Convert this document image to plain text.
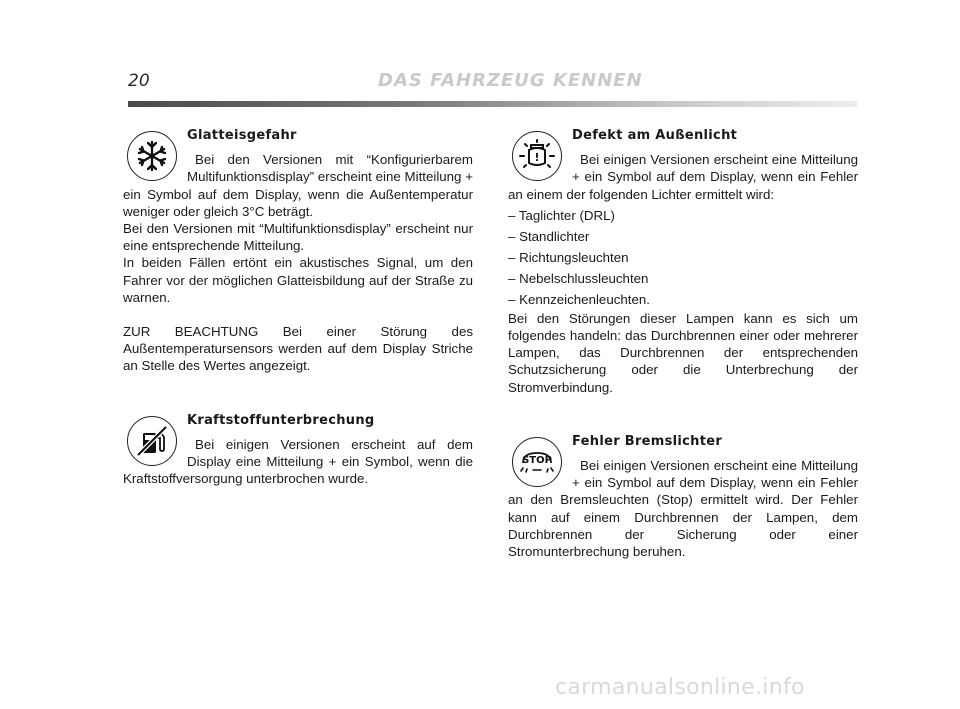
20	DAS FAHRZEUG KENNEN
Glatteisgefahr

Bei den Versionen mit “Konfigurierbarem Multifunktionsdisplay” erscheint eine Mitteilung + ein Symbol auf dem Display, wenn die Außentemperatur weniger oder gleich 3°C beträgt.

Bei den Versionen mit “Multifunktionsdisplay” erscheint nur eine entsprechende Mitteilung.

In beiden Fällen ertönt ein akustisches Signal, um den Fahrer vor der möglichen Glatteisbildung auf der Straße zu warnen.

ZUR BEACHTUNG Bei einer Störung des Außentemperatursensors werden auf dem Display Striche an Stelle des Wertes angezeigt.

Kraftstoffunterbrechung

Bei einigen Versionen erscheint auf dem Display eine Mitteilung + ein Symbol, wenn die Kraftstoffversorgung unterbrochen wurde.

!
Defekt am Außenlicht

Bei einigen Versionen erscheint eine Mitteilung + ein Symbol auf dem Display, wenn ein Fehler an einem der folgenden Lichter ermittelt wird:

– Taglichter (DRL)

– Standlichter

– Richtungsleuchten

– Nebelschlussleuchten

– Kennzeichenleuchten.

Bei den Störungen dieser Lampen kann es sich um folgendes handeln: das Durchbrennen einer oder mehrerer Lampen, das Durchbrennen der entsprechenden Schutzsicherung oder die Unterbrechung der Stromverbindung.

STOP
Fehler Bremslichter

Bei einigen Versionen erscheint eine Mitteilung + ein Symbol auf dem Display, wenn ein Fehler an den Bremsleuchten (Stop) ermittelt wird. Der Fehler kann auf einem Durchbrennen der Lampen, dem Durchbrennen der Sicherung oder einer Stromunterbrechung beruhen.

carmanualsonline.info
